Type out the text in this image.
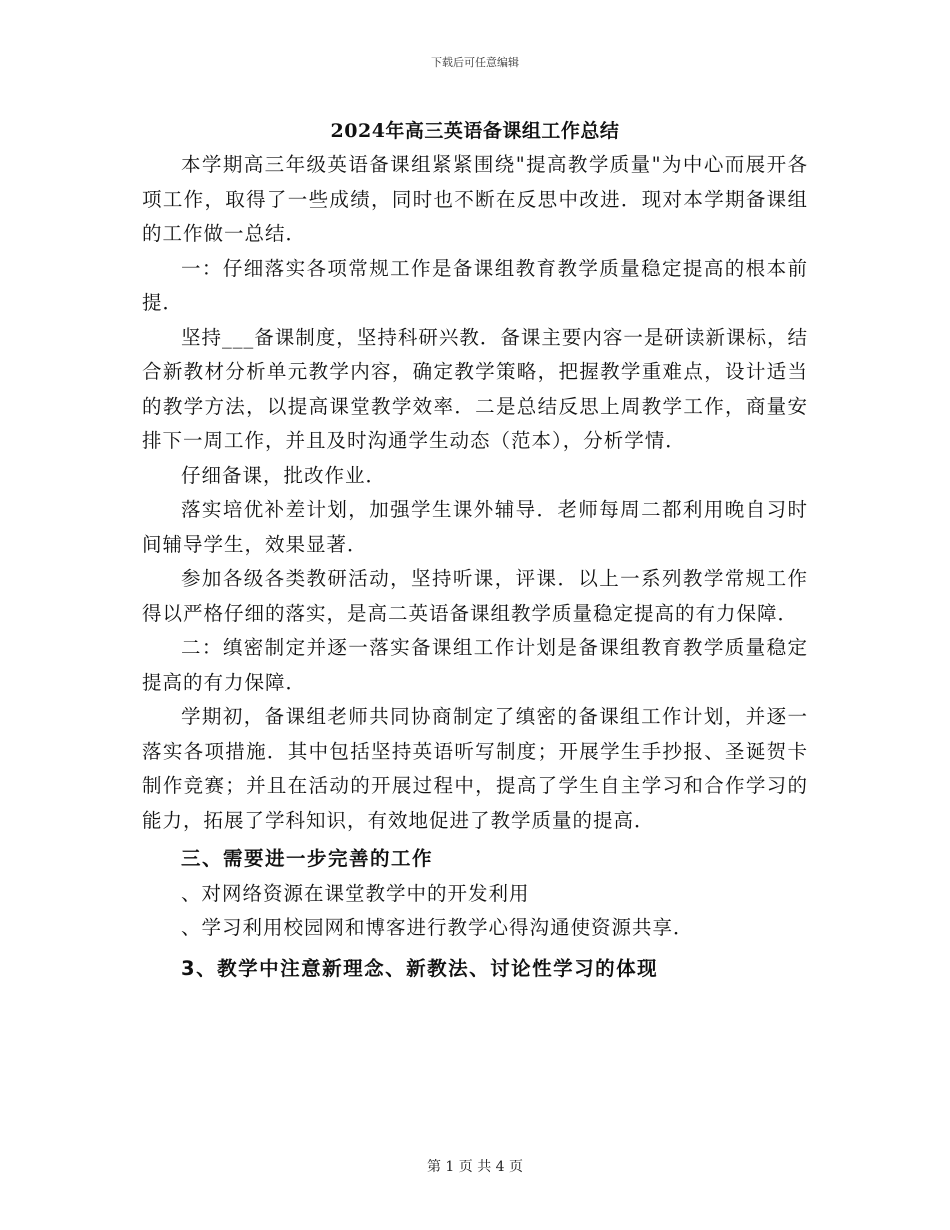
下载后可任意编辑
2024年高三英语备课组工作总结

本学期高三年级英语备课组紧紧围绕"提高教学质量"为中心而展开各项工作，取得了一些成绩，同时也不断在反思中改进．现对本学期备课组的工作做一总结．

一：仔细落实各项常规工作是备课组教育教学质量稳定提高的根本前提．

坚持___备课制度，坚持科研兴教．备课主要内容一是研读新课标，结合新教材分析单元教学内容，确定教学策略，把握教学重难点，设计适当的教学方法，以提高课堂教学效率．二是总结反思上周教学工作，商量安排下一周工作，并且及时沟通学生动态（范本），分析学情．

仔细备课，批改作业．

落实培优补差计划，加强学生课外辅导．老师每周二都利用晚自习时间辅导学生，效果显著．

参加各级各类教研活动，坚持听课，评课．以上一系列教学常规工作得以严格仔细的落实，是高二英语备课组教学质量稳定提高的有力保障．

二：缜密制定并逐一落实备课组工作计划是备课组教育教学质量稳定提高的有力保障．

学期初，备课组老师共同协商制定了缜密的备课组工作计划，并逐一落实各项措施．其中包括坚持英语听写制度；开展学生手抄报、圣诞贺卡制作竞赛；并且在活动的开展过程中，提高了学生自主学习和合作学习的能力，拓展了学科知识，有效地促进了教学质量的提高．

三、需要进一步完善的工作

、对网络资源在课堂教学中的开发利用

、学习利用校园网和博客进行教学心得沟通使资源共享．

3、教学中注意新理念、新教法、讨论性学习的体现

第 1 页 共 4 页
